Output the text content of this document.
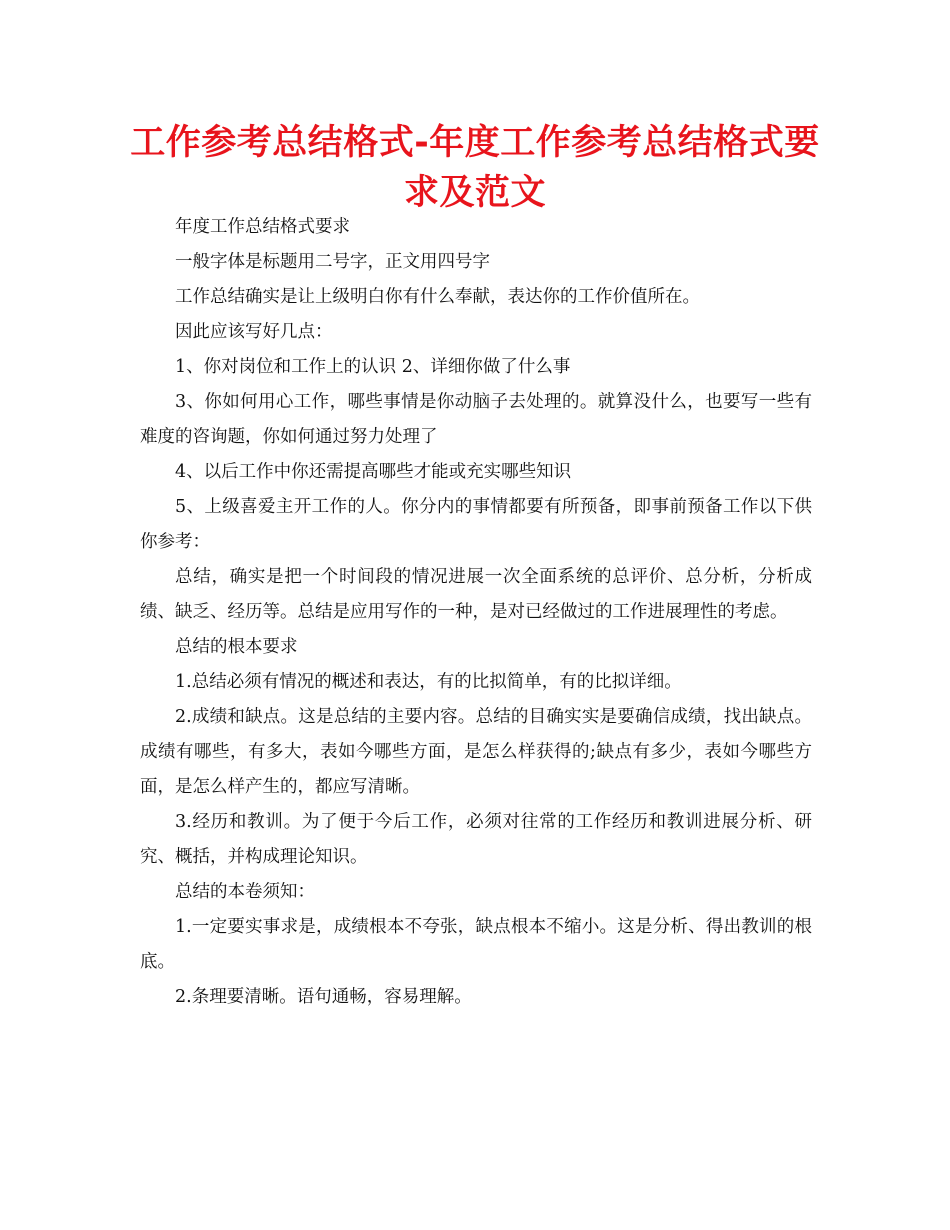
工作参考总结格式-年度工作参考总结格式要求及范文

年度工作总结格式要求

一般字体是标题用二号字，正文用四号字

工作总结确实是让上级明白你有什么奉献，表达你的工作价值所在。

因此应该写好几点：

1、你对岗位和工作上的认识 2、详细你做了什么事

3、你如何用心工作，哪些事情是你动脑子去处理的。就算没什么，也要写一些有难度的咨询题，你如何通过努力处理了

4、以后工作中你还需提高哪些才能或充实哪些知识

5、上级喜爱主开工作的人。你分内的事情都要有所预备，即事前预备工作以下供你参考：

总结，确实是把一个时间段的情况进展一次全面系统的总评价、总分析，分析成绩、缺乏、经历等。总结是应用写作的一种，是对已经做过的工作进展理性的考虑。

总结的根本要求

1.总结必须有情况的概述和表达，有的比拟简单，有的比拟详细。

2.成绩和缺点。这是总结的主要内容。总结的目确实实是要确信成绩，找出缺点。成绩有哪些，有多大，表如今哪些方面，是怎么样获得的;缺点有多少，表如今哪些方面，是怎么样产生的，都应写清晰。

3.经历和教训。为了便于今后工作，必须对往常的工作经历和教训进展分析、研究、概括，并构成理论知识。

总结的本卷须知：

1.一定要实事求是，成绩根本不夸张，缺点根本不缩小。这是分析、得出教训的根底。

2.条理要清晰。语句通畅，容易理解。
